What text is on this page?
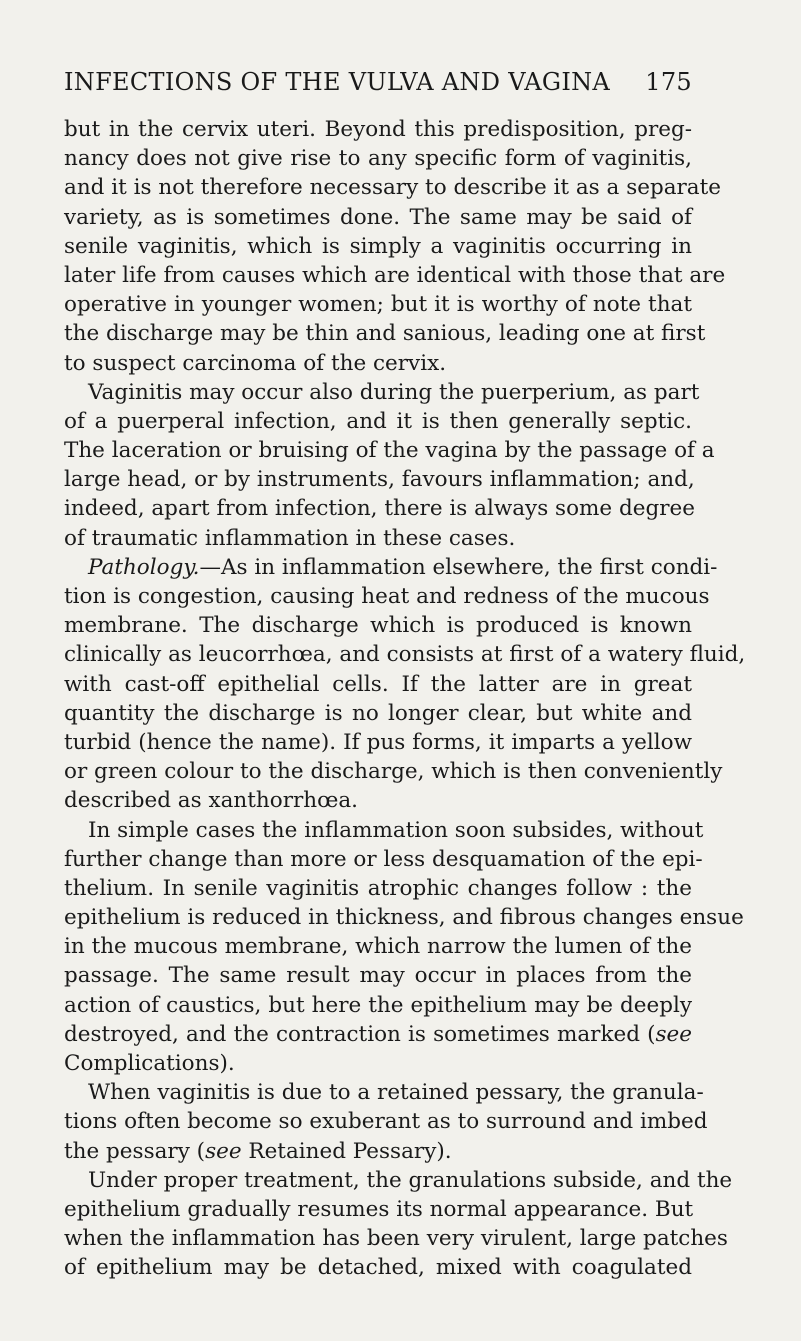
INFECTIONS OF THE VULVA AND VAGINA 175
but in the cervix uteri. Beyond this predisposition, preg-
nancy does not give rise to any specific form of vaginitis,
and it is not therefore necessary to describe it as a separate
variety, as is sometimes done. The same may be said of
senile vaginitis, which is simply a vaginitis occurring in
later life from causes which are identical with those that are
operative in younger women; but it is worthy of note that
the discharge may be thin and sanious, leading one at first
to suspect carcinoma of the cervix.
Vaginitis may occur also during the puerperium, as part
of a puerperal infection, and it is then generally septic.
The laceration or bruising of the vagina by the passage of a
large head, or by instruments, favours inflammation; and,
indeed, apart from infection, there is always some degree
of traumatic inflammation in these cases.
Pathology.—As in inflammation elsewhere, the first condi-
tion is congestion, causing heat and redness of the mucous
membrane. The discharge which is produced is known
clinically as leucorrhœa, and consists at first of a watery fluid,
with cast-off epithelial cells. If the latter are in great
quantity the discharge is no longer clear, but white and
turbid (hence the name). If pus forms, it imparts a yellow
or green colour to the discharge, which is then conveniently
described as xanthorrhœa.
In simple cases the inflammation soon subsides, without
further change than more or less desquamation of the epi-
thelium. In senile vaginitis atrophic changes follow : the
epithelium is reduced in thickness, and fibrous changes ensue
in the mucous membrane, which narrow the lumen of the
passage. The same result may occur in places from the
action of caustics, but here the epithelium may be deeply
destroyed, and the contraction is sometimes marked (see
Complications).
When vaginitis is due to a retained pessary, the granula-
tions often become so exuberant as to surround and imbed
the pessary (see Retained Pessary).
Under proper treatment, the granulations subside, and the
epithelium gradually resumes its normal appearance. But
when the inflammation has been very virulent, large patches
of epithelium may be detached, mixed with coagulated
